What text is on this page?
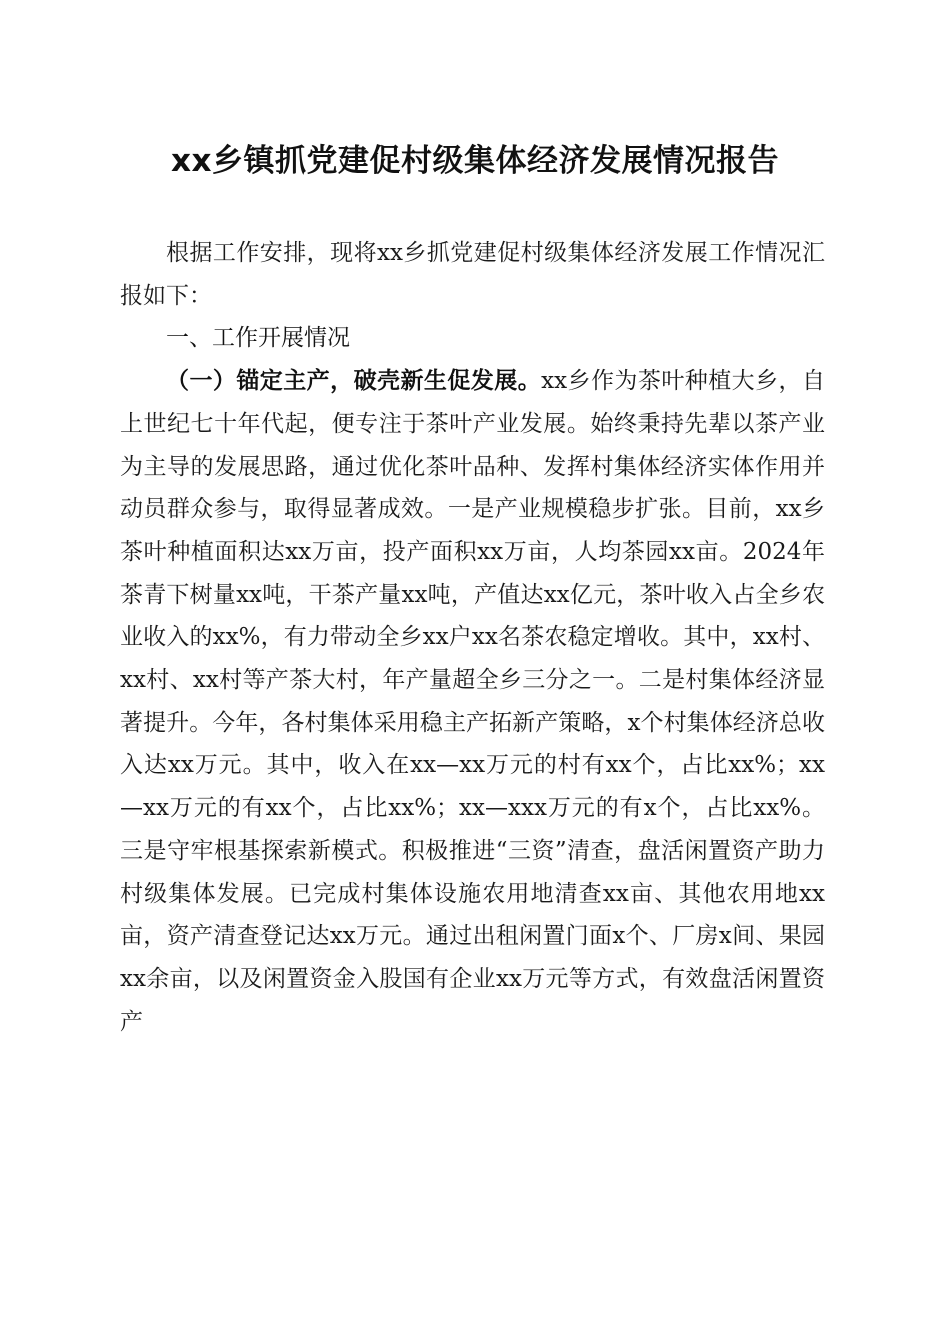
xx乡镇抓党建促村级集体经济发展情况报告

根据工作安排，现将xx乡抓党建促村级集体经济发展工作情况汇报如下：

一、工作开展情况

（一）锚定主产，破壳新生促发展。xx乡作为茶叶种植大乡，自上世纪七十年代起，便专注于茶叶产业发展。始终秉持先辈以茶产业为主导的发展思路，通过优化茶叶品种、发挥村集体经济实体作用并动员群众参与，取得显著成效。一是产业规模稳步扩张。目前，xx乡茶叶种植面积达xx万亩，投产面积xx万亩，人均茶园xx亩。2024年茶青下树量xx吨，干茶产量xx吨，产值达xx亿元，茶叶收入占全乡农业收入的xx%，有力带动全乡xx户xx名茶农稳定增收。其中，xx村、xx村、xx村等产茶大村，年产量超全乡三分之一。二是村集体经济显著提升。今年，各村集体采用稳主产拓新产策略，x个村集体经济总收入达xx万元。其中，收入在xx—xx万元的村有xx个，占比xx%；xx—xx万元的有xx个，占比xx%；xx—xxx万元的有x个，占比xx%。三是守牢根基探索新模式。积极推进“三资”清查，盘活闲置资产助力村级集体发展。已完成村集体设施农用地清查xx亩、其他农用地xx亩，资产清查登记达xx万元。通过出租闲置门面x个、厂房x间、果园xx余亩，以及闲置资金入股国有企业xx万元等方式，有效盘活闲置资产
